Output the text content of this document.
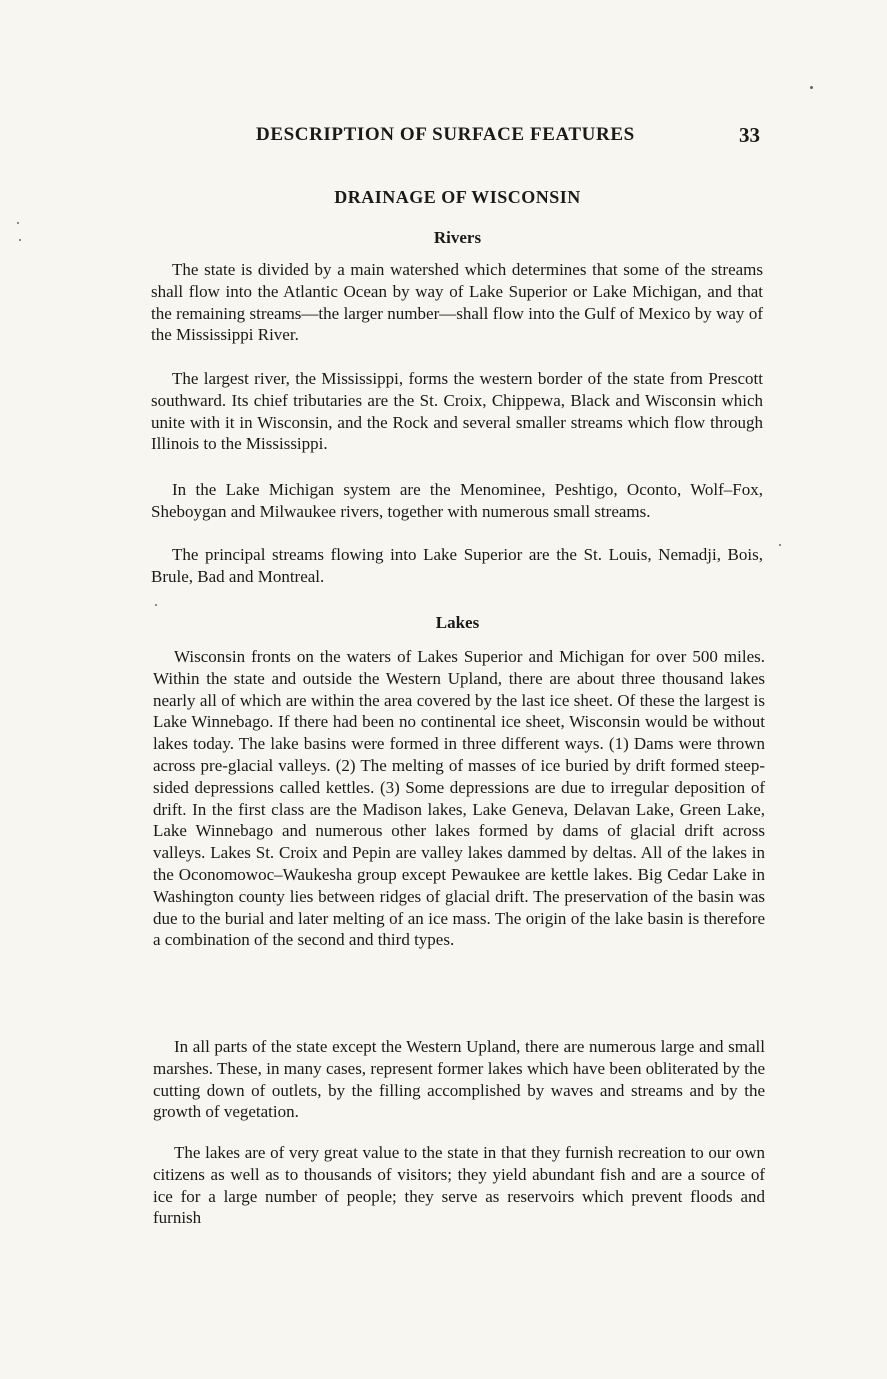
DESCRIPTION OF SURFACE FEATURES	33
DRAINAGE OF WISCONSIN
Rivers

The state is divided by a main watershed which determines that some of the streams shall flow into the Atlantic Ocean by way of Lake Superior or Lake Michigan, and that the remaining streams—the larger number—shall flow into the Gulf of Mexico by way of the Mississippi River.

The largest river, the Mississippi, forms the western border of the state from Prescott southward. Its chief tributaries are the St. Croix, Chippewa, Black and Wisconsin which unite with it in Wisconsin, and the Rock and several smaller streams which flow through Illinois to the Mississippi.

In the Lake Michigan system are the Menominee, Peshtigo, Oconto, Wolf–Fox, Sheboygan and Milwaukee rivers, together with numerous small streams.

The principal streams flowing into Lake Superior are the St. Louis, Nemadji, Bois, Brule, Bad and Montreal.

Lakes

Wisconsin fronts on the waters of Lakes Superior and Michigan for over 500 miles. Within the state and outside the Western Upland, there are about three thousand lakes nearly all of which are within the area covered by the last ice sheet. Of these the largest is Lake Winnebago. If there had been no continental ice sheet, Wisconsin would be without lakes today. The lake basins were formed in three different ways. (1) Dams were thrown across pre-glacial valleys. (2) The melting of masses of ice buried by drift formed steep-sided depressions called kettles. (3) Some depressions are due to irregular deposition of drift. In the first class are the Madison lakes, Lake Geneva, Delavan Lake, Green Lake, Lake Winnebago and numerous other lakes formed by dams of glacial drift across valleys. Lakes St. Croix and Pepin are valley lakes dammed by deltas. All of the lakes in the Oconomowoc–Waukesha group except Pewaukee are kettle lakes. Big Cedar Lake in Washington county lies between ridges of glacial drift. The preservation of the basin was due to the burial and later melting of an ice mass. The origin of the lake basin is therefore a combination of the second and third types.

In all parts of the state except the Western Upland, there are numerous large and small marshes. These, in many cases, represent former lakes which have been obliterated by the cutting down of outlets, by the filling accomplished by waves and streams and by the growth of vegetation.

The lakes are of very great value to the state in that they furnish recreation to our own citizens as well as to thousands of visitors; they yield abundant fish and are a source of ice for a large number of people; they serve as reservoirs which prevent floods and furnish
